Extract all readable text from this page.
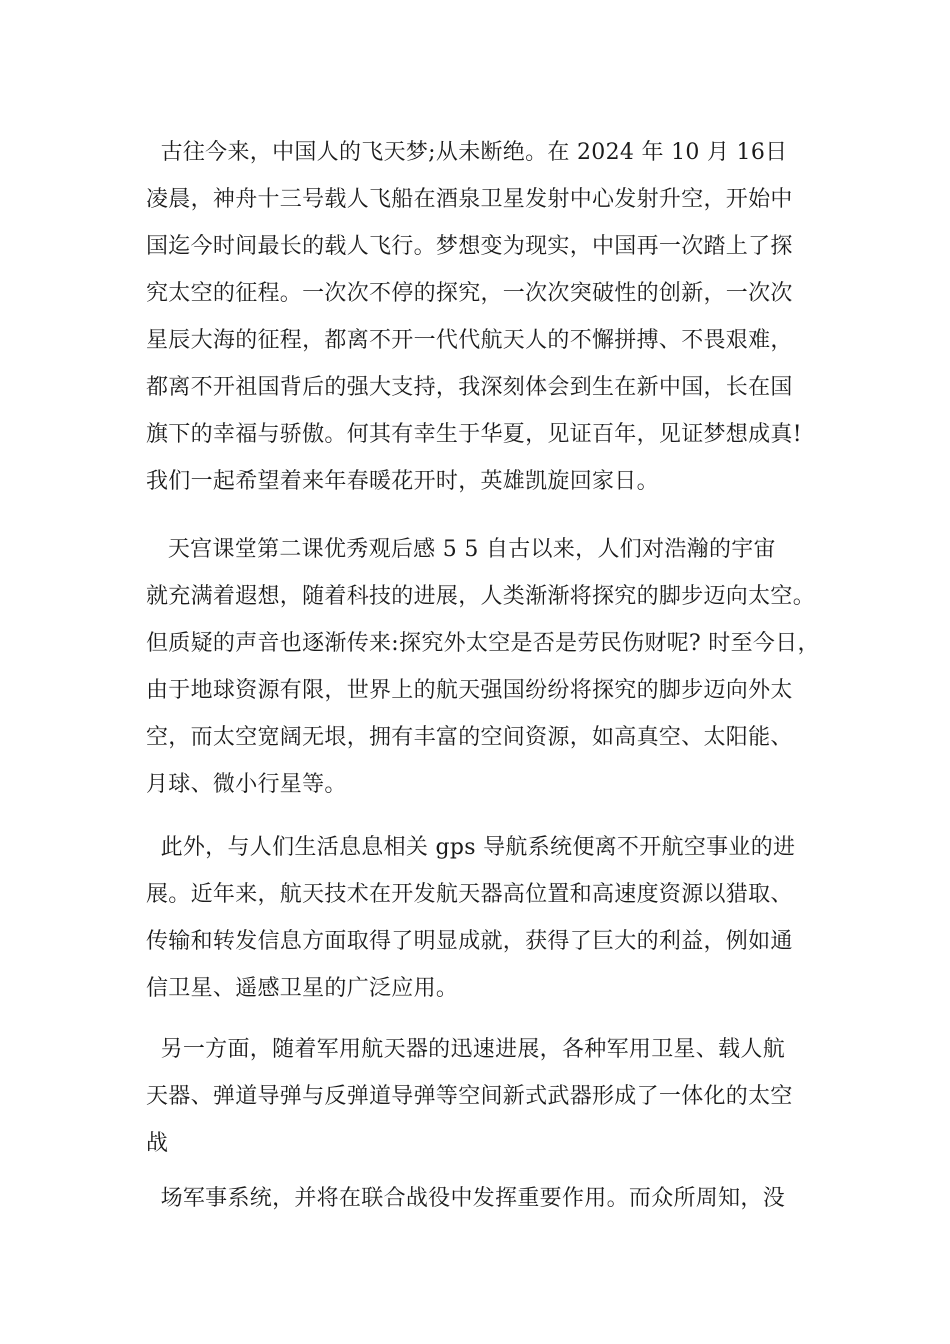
古往今来，中国人的飞天梦;从未断绝。在 2024 年 10 月 16日
凌晨，神舟十三号载人飞船在酒泉卫星发射中心发射升空，开始中
国迄今时间最长的载人飞行。梦想变为现实，中国再一次踏上了探
究太空的征程。一次次不停的探究，一次次突破性的创新，一次次
星辰大海的征程，都离不开一代代航天人的不懈拼搏、不畏艰难，
都离不开祖国背后的强大支持，我深刻体会到生在新中国，长在国
旗下的幸福与骄傲。何其有幸生于华夏，见证百年，见证梦想成真!
我们一起希望着来年春暖花开时，英雄凯旋回家日。
天宫课堂第二课优秀观后感 5 5 自古以来，人们对浩瀚的宇宙
就充满着遐想，随着科技的进展，人类渐渐将探究的脚步迈向太空。
但质疑的声音也逐渐传来:探究外太空是否是劳民伤财呢? 时至今日，
由于地球资源有限，世界上的航天强国纷纷将探究的脚步迈向外太
空，而太空宽阔无垠，拥有丰富的空间资源，如高真空、太阳能、
月球、微小行星等。
此外，与人们生活息息相关 gps 导航系统便离不开航空事业的进
展。近年来，航天技术在开发航天器高位置和高速度资源以猎取、
传输和转发信息方面取得了明显成就，获得了巨大的利益，例如通
信卫星、遥感卫星的广泛应用。
另一方面，随着军用航天器的迅速进展，各种军用卫星、载人航
天器、弹道导弹与反弹道导弹等空间新式武器形成了一体化的太空
战
场军事系统，并将在联合战役中发挥重要作用。而众所周知，没
